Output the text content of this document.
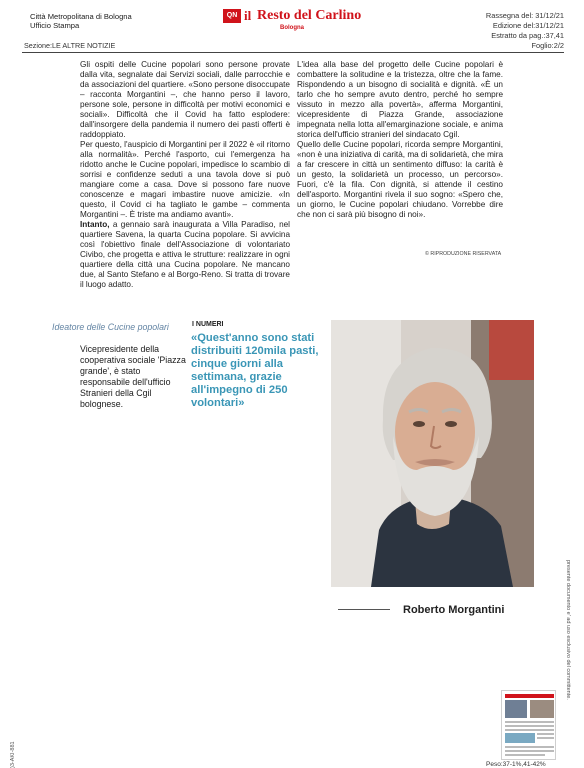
Città Metropolitana di Bologna
Ufficio Stampa
Sezione:LE ALTRE NOTIZIE
QN il Resto del Carlino
Bologna
Rassegna del: 31/12/21
Edizione del:31/12/21
Estratto da pag.:37,41
Foglio:2/2

Gli ospiti delle Cucine popolari sono persone provate dalla vita, segnalate dai Servizi sociali, dalle parrocchie e da associazioni del quartiere. «Sono persone disoccupate – racconta Morgantini –, che hanno perso il lavoro, persone sole, persone in difficoltà per motivi economici e sociali». Difficoltà che il Covid ha fatto esplodere: dall'insorgere della pandemia il numero dei pasti offerti è raddoppiato.

Per questo, l'auspicio di Morgantini per il 2022 è «il ritorno alla normalità». Perché l'asporto, cui l'emergenza ha ridotto anche le Cucine popolari, impedisce lo scambio di sorrisi e confidenze seduti a una tavola dove si può mangiare come a casa. Dove si possono fare nuove conoscenze e magari imbastire nuove amicizie. «In questo, il Covid ci ha tagliato le gambe – commenta Morgantini –. È triste ma andiamo avanti».

Intanto, a gennaio sarà inaugurata a Villa Paradiso, nel quartiere Savena, la quarta Cucina popolare. Si avvicina così l'obiettivo finale dell'Associazione di volontariato Civibo, che progetta e attiva le strutture: realizzare in ogni quartiere della città una Cucina popolare. Ne mancano due, al Santo Stefano e al Borgo-Reno. Si tratta di trovare il luogo adatto.

L'idea alla base del progetto delle Cucine popolari è combattere la solitudine e la tristezza, oltre che la fame. Rispondendo a un bisogno di socialità e dignità. «È un tarlo che ho sempre avuto dentro, perché ho sempre vissuto in mezzo alla povertà», afferma Morgantini, vicepresidente di Piazza Grande, associazione impegnata nella lotta all'emarginazione sociale, e anima storica dell'ufficio stranieri del sindacato Cgil.

Quello delle Cucine popolari, ricorda sempre Morgantini, «non è una iniziativa di carità, ma di solidarietà, che mira a far crescere in città un sentimento diffuso: la carità è un gesto, la solidarietà un processo, un percorso». Fuori, c'è la fila. Con dignità, si attende il cestino dell'asporto. Morgantini rivela il suo sogno: «Spero che, un giorno, le Cucine popolari chiudano. Vorrebbe dire che non ci sarà più bisogno di noi».

© RIPRODUZIONE RISERVATA
Ideatore delle Cucine popolari
Vicepresidente della cooperativa sociale 'Piazza grande', è stato responsabile dell'ufficio Stranieri della Cgil bolognese.
I NUMERI
«Quest'anno sono stati distribuiti 120mila pasti, cinque giorni alla settimana, grazie all'impegno di 250 volontari»
Roberto Morgantini
Peso:37-1%,41-42%
presente documento e' ad uso esclusivo del committente.
)3-AKI-881
